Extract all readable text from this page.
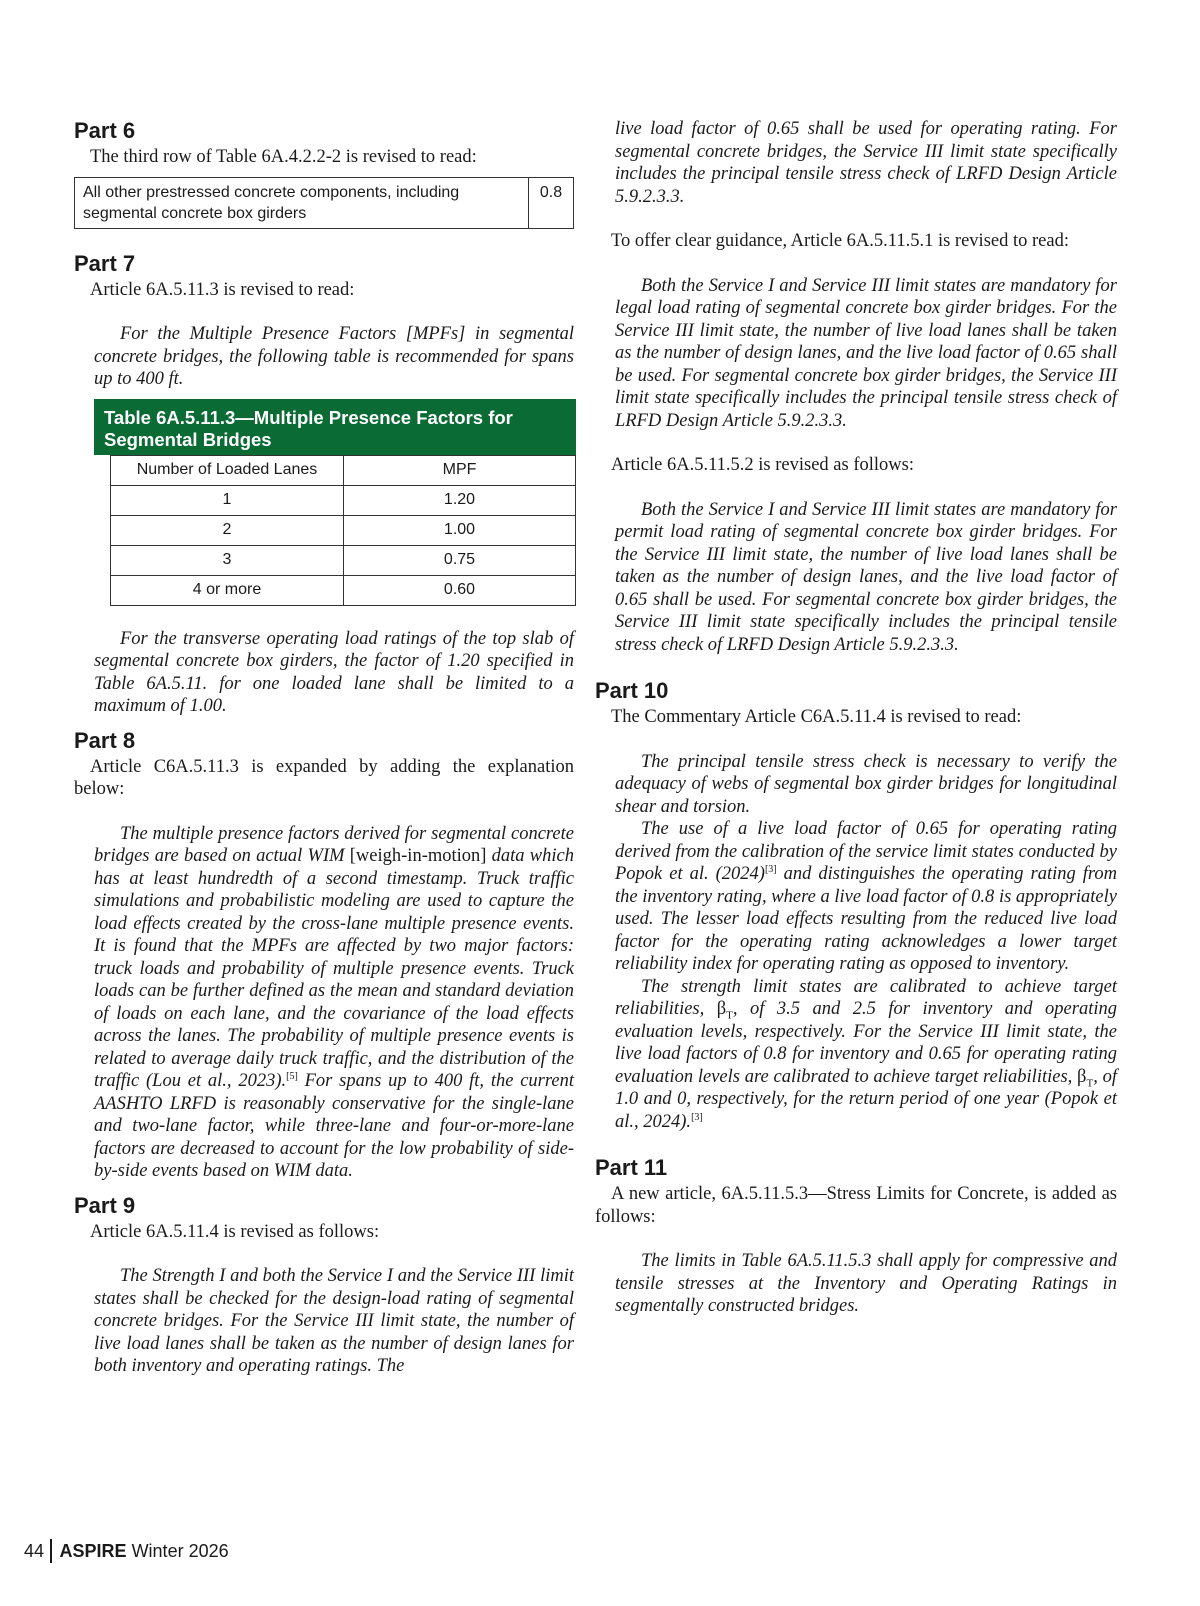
Part 6

The third row of Table 6A.4.2.2-2 is revised to read:

All other prestressed concrete components, including segmental concrete box girders	0.8
Part 7

Article 6A.5.11.3 is revised to read:

For the Multiple Presence Factors [MPFs] in segmental concrete bridges, the following table is recommended for spans up to 400 ft.

Table 6A.5.11.3—Multiple Presence Factors for Segmental Bridges
Number of Loaded Lanes	MPF
1	1.20
2	1.00
3	0.75
4 or more	0.60

For the transverse operating load ratings of the top slab of segmental concrete box girders, the factor of 1.20 specified in Table 6A.5.11. for one loaded lane shall be limited to a maximum of 1.00.

Part 8

Article C6A.5.11.3 is expanded by adding the explanation below:

The multiple presence factors derived for segmental concrete bridges are based on actual WIM [weigh-in-motion] data which has at least hundredth of a second timestamp. Truck traffic simulations and probabilistic modeling are used to capture the load effects created by the cross-lane multiple presence events. It is found that the MPFs are affected by two major factors: truck loads and probability of multiple presence events. Truck loads can be further defined as the mean and standard deviation of loads on each lane, and the covariance of the load effects across the lanes. The probability of multiple presence events is related to average daily truck traffic, and the distribution of the traffic (Lou et al., 2023).[5] For spans up to 400 ft, the current AASHTO LRFD is reasonably conservative for the single-lane and two-lane factor, while three-lane and four-or-more-lane factors are decreased to account for the low probability of side-by-side events based on WIM data.

Part 9

Article 6A.5.11.4 is revised as follows:

The Strength I and both the Service I and the Service III limit states shall be checked for the design-load rating of segmental concrete bridges. For the Service III limit state, the number of live load lanes shall be taken as the number of design lanes for both inventory and operating ratings. The

live load factor of 0.65 shall be used for operating rating. For segmental concrete bridges, the Service III limit state specifically includes the principal tensile stress check of LRFD Design Article 5.9.2.3.3.

To offer clear guidance, Article 6A.5.11.5.1 is revised to read:

Both the Service I and Service III limit states are mandatory for legal load rating of segmental concrete box girder bridges. For the Service III limit state, the number of live load lanes shall be taken as the number of design lanes, and the live load factor of 0.65 shall be used. For segmental concrete box girder bridges, the Service III limit state specifically includes the principal tensile stress check of LRFD Design Article 5.9.2.3.3.

Article 6A.5.11.5.2 is revised as follows:

Both the Service I and Service III limit states are mandatory for permit load rating of segmental concrete box girder bridges. For the Service III limit state, the number of live load lanes shall be taken as the number of design lanes, and the live load factor of 0.65 shall be used. For segmental concrete box girder bridges, the Service III limit state specifically includes the principal tensile stress check of LRFD Design Article 5.9.2.3.3.

Part 10

The Commentary Article C6A.5.11.4 is revised to read:

The principal tensile stress check is necessary to verify the adequacy of webs of segmental box girder bridges for longitudinal shear and torsion.

The use of a live load factor of 0.65 for operating rating derived from the calibration of the service limit states conducted by Popok et al. (2024)[3] and distinguishes the operating rating from the inventory rating, where a live load factor of 0.8 is appropriately used. The lesser load effects resulting from the reduced live load factor for the operating rating acknowledges a lower target reliability index for operating rating as opposed to inventory.

The strength limit states are calibrated to achieve target reliabilities, $\beta_T$, of 3.5 and 2.5 for inventory and operating evaluation levels, respectively. For the Service III limit state, the live load factors of 0.8 for inventory and 0.65 for operating rating evaluation levels are calibrated to achieve target reliabilities, $\beta_T$, of 1.0 and 0, respectively, for the return period of one year (Popok et al., 2024).[3]

Part 11

A new article, 6A.5.11.5.3—Stress Limits for Concrete, is added as follows:

The limits in Table 6A.5.11.5.3 shall apply for compressive and tensile stresses at the Inventory and Operating Ratings in segmentally constructed bridges.

44 ASPIRE Winter 2026
